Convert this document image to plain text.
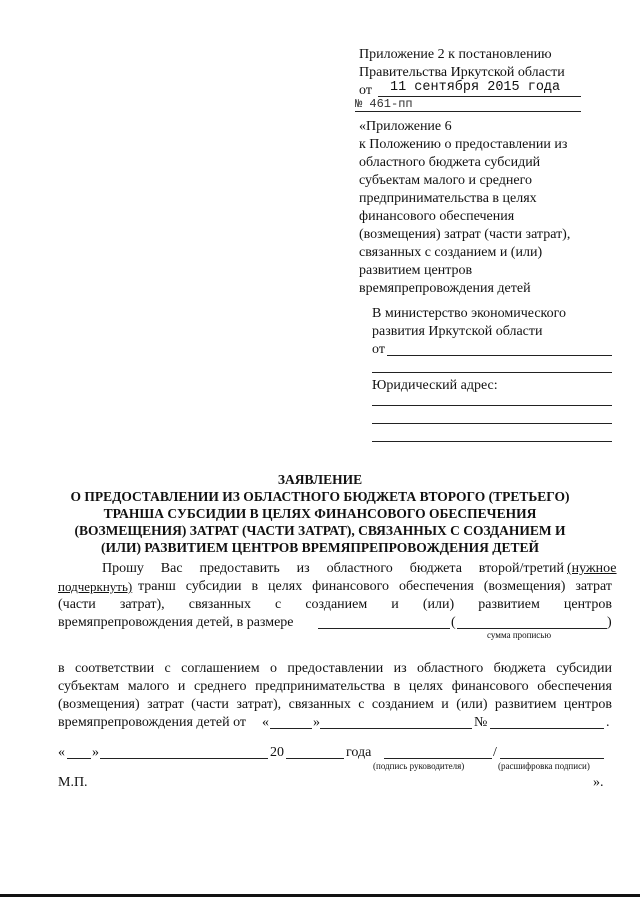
Приложение 2 к постановлению
Правительства Иркутской области
от 11 сентября 2015 года
№ 461-пп
«Приложение 6
к Положению о предоставлении из
областного бюджета субсидий
субъектам малого и среднего
предпринимательства в целях
финансового обеспечения
(возмещения) затрат (части затрат),
связанных с созданием и (или)
развитием центров
времяпрепровождения детей
В министерство экономического
развития Иркутской области
от
Юридический адрес:
ЗАЯВЛЕНИЕ
О ПРЕДОСТАВЛЕНИИ ИЗ ОБЛАСТНОГО БЮДЖЕТА ВТОРОГО (ТРЕТЬЕГО)
ТРАНША СУБСИДИИ В ЦЕЛЯХ ФИНАНСОВОГО ОБЕСПЕЧЕНИЯ
(ВОЗМЕЩЕНИЯ) ЗАТРАТ (ЧАСТИ ЗАТРАТ), СВЯЗАННЫХ С СОЗДАНИЕМ И
(ИЛИ) РАЗВИТИЕМ ЦЕНТРОВ ВРЕМЯПРЕПРОВОЖДЕНИЯ ДЕТЕЙ
Прошу Вас предоставить из областного бюджета второй/третий (нужное
подчеркнуть) транш субсидии в целях финансового обеспечения (возмещения) затрат
(части затрат), связанных с созданием и (или) развитием центров
времяпрепровождения детей, в размере	(	)
сумма прописью
в соответствии с соглашением о предоставлении из областного бюджета субсидии
субъектам малого и среднего предпринимательства в целях финансового обеспечения
(возмещения) затрат (части затрат), связанных с созданием и (или) развитием центров
времяпрепровождения детей от «	»	№	.
« »	20	года	/
(подпись руководителя)	(расшифровка подписи)
М.П.	».
